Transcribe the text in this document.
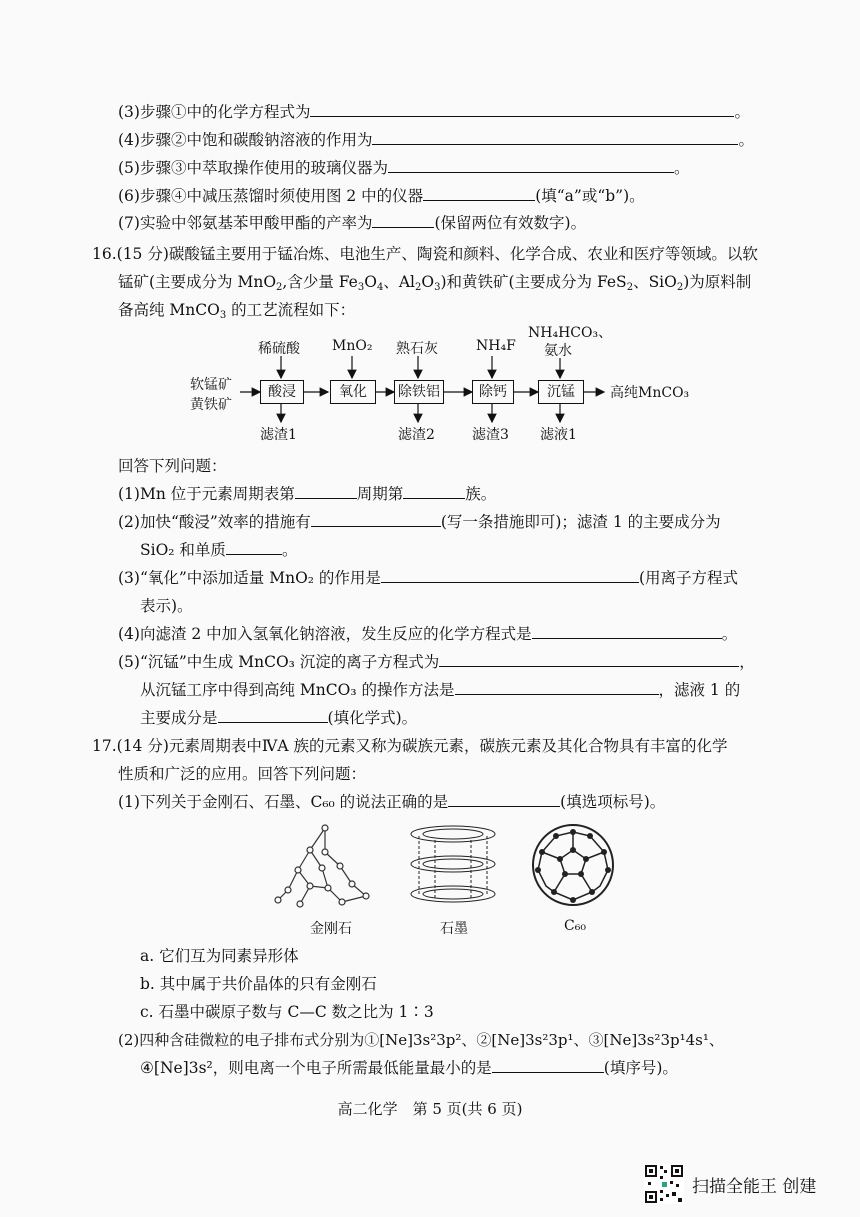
(3)步骤①中的化学方程式为	。
(4)步骤②中饱和碳酸钠溶液的作用为	。
(5)步骤③中萃取操作使用的玻璃仪器为	。
(6)步骤④中减压蒸馏时须使用图 2 中的仪器	(填“a”或“b”)。
(7)实验中邻氨基苯甲酸甲酯的产率为	(保留两位有效数字)。
16.(15 分)碳酸锰主要用于锰冶炼、电池生产、陶瓷和颜料、化学合成、农业和医疗等领域。以软
锰矿(主要成分为 MnO$_2$,含少量 $Fe_3O_4$、$Al_2O_3$)和黄铁矿(主要成分为 FeS$_2$、SiO$_2$)为原料制
备高纯 MnCO$_3$ 的工艺流程如下：
稀硫酸 MnO₂ 熟石灰	NH₄F
NH₄HCO₃、
氨水
软锰矿
黄铁矿
酸浸	氧化	除铁铝	除钙	沉锰	高纯MnCO₃
滤渣1	滤渣2	滤渣3 滤液1
回答下列问题：
(1)Mn 位于元素周期表第	周期第	族。
(2)加快“酸浸”效率的措施有	(写一条措施即可)；滤渣 1 的主要成分为
SiO₂ 和单质	。
(3)“氧化”中添加适量 MnO₂ 的作用是	(用离子方程式
表示)。
(4)向滤渣 2 中加入氢氧化钠溶液，发生反应的化学方程式是	。
(5)“沉锰”中生成 MnCO₃ 沉淀的离子方程式为	，
从沉锰工序中得到高纯 MnCO₃ 的操作方法是	，滤液 1 的
主要成分是	(填化学式)。
17.(14 分)元素周期表中ⅣA 族的元素又称为碳族元素，碳族元素及其化合物具有丰富的化学
性质和广泛的应用。回答下列问题：
(1)下列关于金刚石、石墨、C₆₀ 的说法正确的是	(填选项标号)。
金刚石	石墨	C₆₀
a. 它们互为同素异形体
b. 其中属于共价晶体的只有金刚石
c. 石墨中碳原子数与 C—C 数之比为 1∶3
(2)四种含硅微粒的电子排布式分别为①[Ne]3s²3p²、②[Ne]3s²3p¹、③[Ne]3s²3p¹4s¹、
④[Ne]3s²，则电离一个电子所需最低能量最小的是	(填序号)。
高二化学　第 5 页(共 6 页)
扫描全能王 创建
